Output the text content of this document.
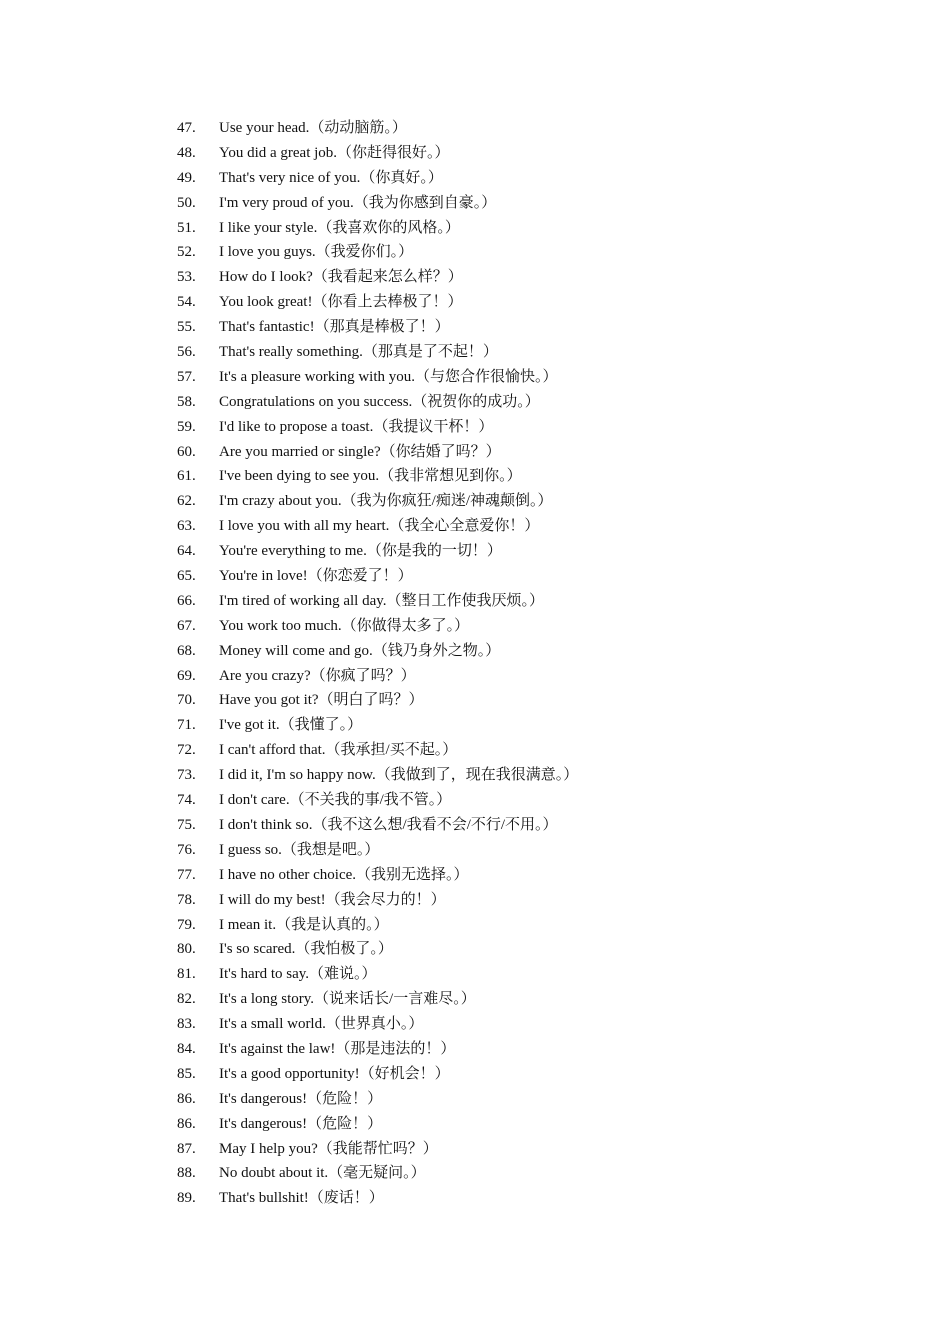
47. Use your head.（动动脑筋。）
48. You did a great job.（你赶得很好。）
49. That's very nice of you.（你真好。）
50. I'm very proud of you.（我为你感到自豪。）
51. I like your style.（我喜欢你的风格。）
52. I love you guys.（我爱你们。）
53. How do I look?（我看起来怎么样？）
54. You look great!（你看上去棒极了！）
55. That's fantastic!（那真是棒极了！）
56. That's really something.（那真是了不起！）
57. It's a pleasure working with you.（与您合作很愉快。）
58. Congratulations on you success.（祝贺你的成功。）
59. I'd like to propose a toast.（我提议干杯！）
60. Are you married or single?（你结婚了吗？）
61. I've been dying to see you.（我非常想见到你。）
62. I'm crazy about you.（我为你疯狂/痴迷/神魂颠倒。）
63. I love you with all my heart.（我全心全意爱你！）
64. You're everything to me.（你是我的一切！）
65. You're in love!（你恋爱了！）
66. I'm tired of working all day.（整日工作使我厌烦。）
67. You work too much.（你做得太多了。）
68. Money will come and go.（钱乃身外之物。）
69. Are you crazy?（你疯了吗？）
70. Have you got it?（明白了吗？）
71. I've got it.（我懂了。）
72. I can't afford that.（我承担/买不起。）
73. I did it, I'm so happy now.（我做到了，现在我很满意。）
74. I don't care.（不关我的事/我不管。）
75. I don't think so.（我不这么想/我看不会/不行/不用。）
76. I guess so.（我想是吧。）
77. I have no other choice.（我别无选择。）
78. I will do my best!（我会尽力的！）
79. I mean it.（我是认真的。）
80. I's so scared.（我怕极了。）
81. It's hard to say.（难说。）
82. It's a long story.（说来话长/一言难尽。）
83. It's a small world.（世界真小。）
84. It's against the law!（那是违法的！）
85. It's a good opportunity!（好机会！）
86. It's dangerous!（危险！）
86. It's dangerous!（危险！）
87. May I help you?（我能帮忙吗？）
88. No doubt about it.（毫无疑问。）
89. That's bullshit!（废话！）
